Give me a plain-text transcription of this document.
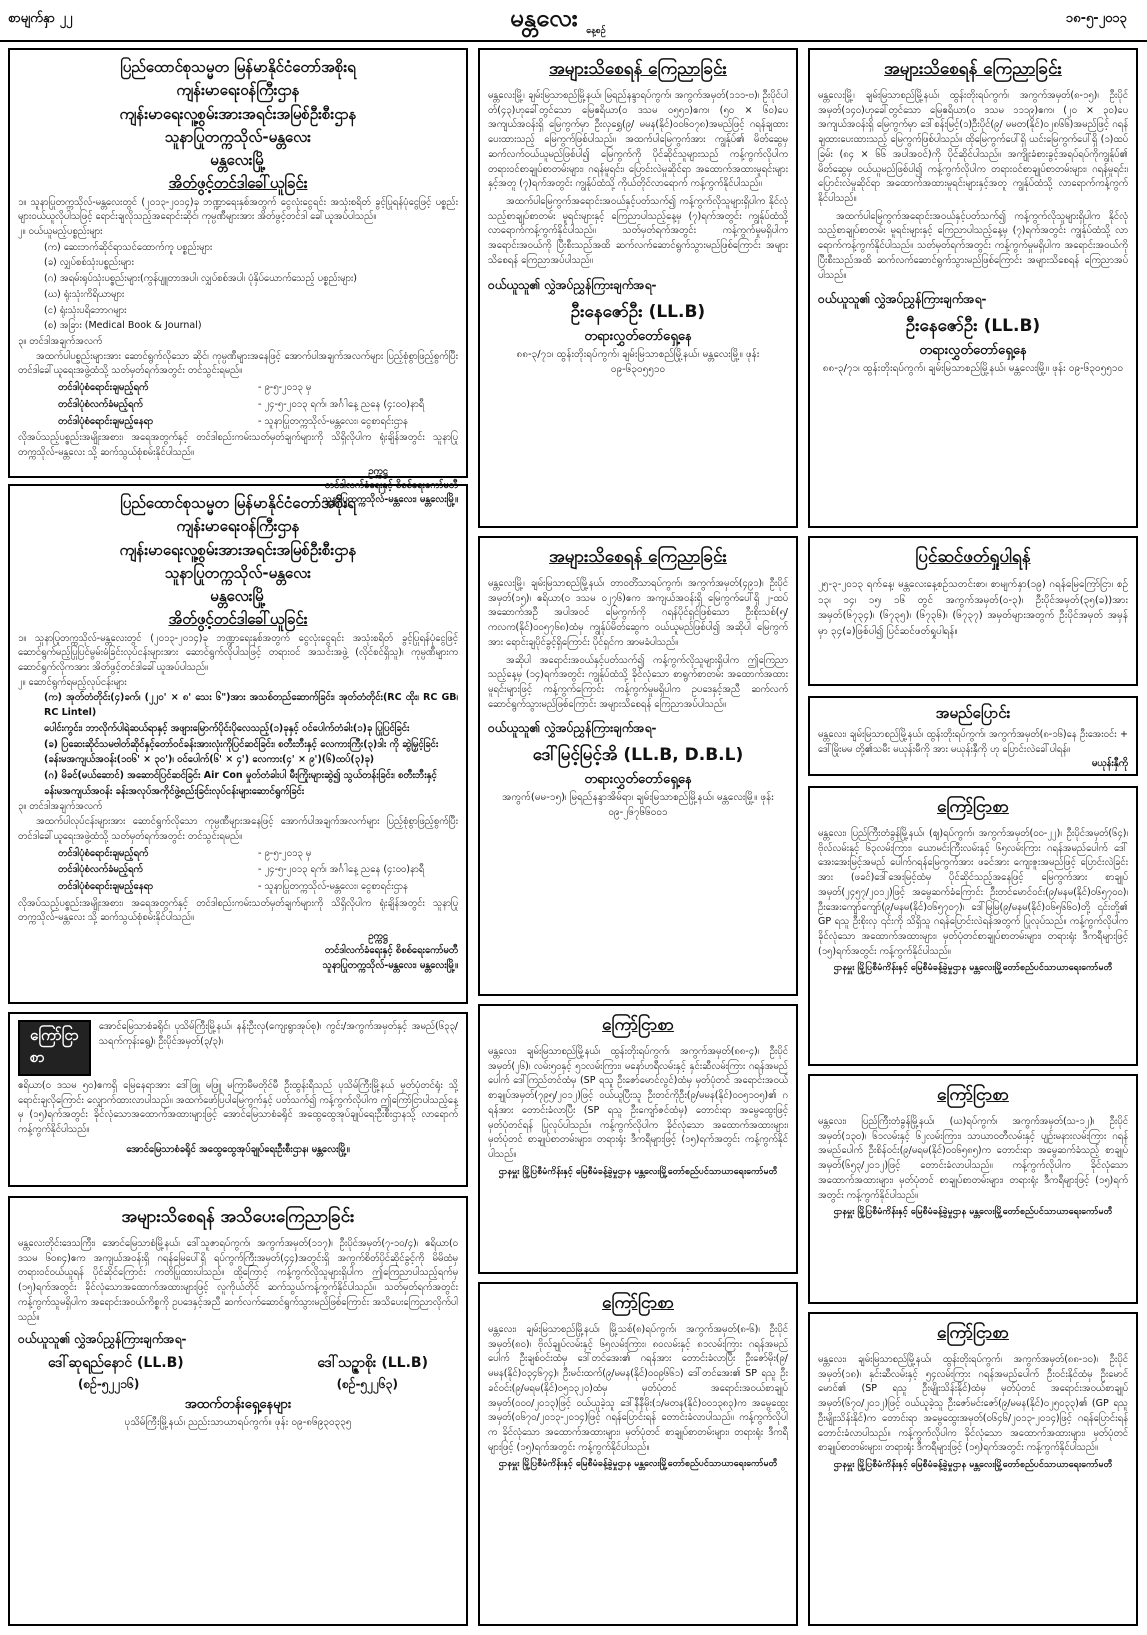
စာမျက်နှာ ၂၂	မန္တလေး နေ့စဉ်
၁၈-၅-၂၀၁၃
ပြည်ထောင်စုသမ္မတ မြန်မာနိုင်ငံတော်အစိုးရ
ကျန်းမာရေးဝန်ကြီးဌာန
ကျန်းမာရေးလူ့စွမ်းအားအရင်းအမြစ်ဦးစီးဌာန
သူနာပြုတက္ကသိုလ်-မန္တလေး
မန္တလေးမြို့
အိတ်ဖွင့်တင်ဒါခေါ်ယူခြင်း
၁။ သူနာပြုတက္ကသိုလ်-မန္တလေးတွင် (၂၀၁၃-၂၀၁၄)ခု ဘဏ္ဍာရေးနှစ်အတွက် ငွေလုံးငွေရင်း အသုံးစရိတ် ခွင့်ပြုရန်ပုံငွေဖြင့် ပစ္စည်းများဝယ်ယူလိုပါသဖြင့် ရောင်းချလိုသည့်အရောင်းဆိုင်၊ ကုမ္ပဏီများအား အိတ်ဖွင့်တင်ဒါ ခေါ်ယူအပ်ပါသည်။
၂။ ဝယ်ယူမည့်ပစ္စည်းများ
(က) ဆေးဘက်ဆိုင်ရာသင်ထောက်ကူ ပစ္စည်းများ
(ခ) လျှပ်စစ်သုံးပစ္စည်းများ
(ဂ) အရမ်းရုပ်သုံးပစ္စည်းများ(ကွန်ပျူတာအပါ၊ လျှပ်စစ်အပါ၊ ပုံနှိပ်ယောက်သေည့် ပစ္စည်းများ)
(ဃ) ရုံးသုံးကိရိယာများ
(င) ရုံးသုံးပရိဘောဂများ
(စ) အခြား (Medical Book & Journal)
၃။ တင်ဒါအချက်အလက်
အထက်ပါပစ္စည်းများအား ဆောင်ရွက်လိုသော ဆိုင်၊ ကုမ္ပဏီများအနေဖြင့် အောက်ပါအချက်အလက်များ ပြည့်စုံစွာဖြည့်စွက်ပြီး တင်ဒါခေါ်ယူရေးအဖွဲ့ထံသို့ သတ်မှတ်ရက်အတွင်း တင်သွင်းရမည်။
တင်ဒါပုံစံရောင်းချမည့်ရက်	- ၉-၅-၂၀၁၃ မှ
တင်ဒါပုံစံလက်ခံမည့်ရက်	- ၂၄-၅-၂၀၁၃ ရက်၊ အင်္ဂါနေ့ ညနေ (၄:၀၀)နာရီ
တင်ဒါပုံစံရောင်းချမည့်နေရာ	- သူနာပြုတက္ကသိုလ်-မန္တလေး၊ ငွေစာရင်းဌာန
လိုအပ်သည့်ပစ္စည်းအမျိုးအစား၊ အရေအတွက်နှင့် တင်ဒါစည်းကမ်းသတ်မှတ်ချက်များကို သိရှိလိုပါက ရုံးချိန်အတွင်း သူနာပြုတက္ကသိုလ်-မန္တလေး သို့ ဆက်သွယ်စုံစမ်းနိုင်ပါသည်။
ဥက္ကဋ္ဌ
တင်ဒါလက်ခံရေးနှင့် စိစစ်ရေးကော်မတီ
သူနာပြုတက္ကသိုလ်-မန္တလေး၊ မန္တလေးမြို့။
ပြည်ထောင်စုသမ္မတ မြန်မာနိုင်ငံတော်အစိုးရ
ကျန်းမာရေးဝန်ကြီးဌာန
ကျန်းမာရေးလူ့စွမ်းအားအရင်းအမြစ်ဦးစီးဌာန
သူနာပြုတက္ကသိုလ်-မန္တလေး
မန္တလေးမြို့
အိတ်ဖွင့်တင်ဒါခေါ်ယူခြင်း
၁။ သူနာပြုတက္ကသိုလ်-မန္တလေးတွင် (၂၀၁၃-၂၀၁၄)ခု ဘဏ္ဍာရေးနှစ်အတွက် ငွေလုံးငွေရင်း အသုံးစရိတ် ခွင့်ပြုရန်ပုံငွေဖြင့် ဆောင်ရွက်မည့်ပြုပြင်မွမ်းမံခြင်းလုပ်ငန်းများအား ဆောင်ရွက်လိုပါသဖြင့် တရားဝင် အသင်းအဖွဲ့ (လိုင်စင်ရှိသူ)၊ ကုမ္ပဏီများကဆောင်ရွက်လိုကအား အိတ်ဖွင့်တင်ဒါခေါ်ယူအပ်ပါသည်။
၂။ ဆောင်ရွက်ရမည့်လုပ်ငန်းများ
(က) အုတ်တံတိုင်း(၄)ခက်၊ (၂၂၀' × ၈' သေး ၆")အား အသစ်တည်ဆောက်ခြင်း၊ အုတ်တံတိုင်း(RC ထိုး၊ RC GB၊ RC Lintel)
ပေါင်းကွင်း၊ ဘာလိုက်ပါရဲဆယ်ရာနှင့် အဖျားမြောက်ပိုင်းပိုလေသည့်(၁)ခုနှင့် ဝင်ပေါက်တံခါး(၁)ခု ပြုပြင်ခြင်း
(ခ) ပြဆေးဆိုင်သမဗါတ်ဆိုင်နှင့်တော်ဝင်ခန်းအားလုံးကိုပြင်ဆင်ခြင်း၊ စတီးဘီးနှင့် လေကားကြီး(၃)ဒါး ကို ဆွဲမြှင့်ခြင်း
(ခန်းမအကျယ်အဝန်း(၁၀၆' × ၃၀')၊ ဝင်ပေါက်(၆' × ၄') လေကား(၄' × ၉')(၆)ထပ်(၃)ခု)
(ဂ) မိခင်(မယ်ဆောင်) အဆောင်ပြင်ဆင်ခြင်း Air Con မှုတ်တံခါးပါ မီးကြိုးများဆွဲ၍ သွယ်တန်းခြင်း၊ စတီးဘီးနှင့်
ခန်းမအကျယ်အဝန်း ခန်းအလုပ်အကိုင်ဖွဲ့စည်းခြင်းလုပ်ငန်းများဆောင်ရွက်ခြင်း
၃။ တင်ဒါအချက်အလက်
အထက်ပါလုပ်ငန်းများအား ဆောင်ရွက်လိုသော ကုမ္ပဏီများအနေဖြင့် အောက်ပါအချက်အလက်များ ပြည့်စုံစွာဖြည့်စွက်ပြီး တင်ဒါခေါ်ယူရေးအဖွဲ့ထံသို့ သတ်မှတ်ရက်အတွင်း တင်သွင်းရမည်။
တင်ဒါပုံစံရောင်းချမည့်ရက်	- ၉-၅-၂၀၁၃ မှ
တင်ဒါပုံစံလက်ခံမည့်ရက်	- ၂၄-၅-၂၀၁၃ ရက်၊ အင်္ဂါနေ့ ညနေ (၄:၀၀)နာရီ
တင်ဒါပုံစံရောင်းချမည့်နေရာ	- သူနာပြုတက္ကသိုလ်-မန္တလေး၊ ငွေစာရင်းဌာန
လိုအပ်သည့်ပစ္စည်းအမျိုးအစား၊ အရေအတွက်နှင့် တင်ဒါစည်းကမ်းသတ်မှတ်ချက်များကို သိရှိလိုပါက ရုံးချိန်အတွင်း သူနာပြုတက္ကသိုလ်-မန္တလေး သို့ ဆက်သွယ်စုံစမ်းနိုင်ပါသည်။
ဥက္ကဋ္ဌ
တင်ဒါလက်ခံရေးနှင့် စိစစ်ရေးကော်မတီ
သူနာပြုတက္ကသိုလ်-မန္တလေး၊ မန္တလေးမြို့။
ကြော်ငြာစာ
အောင်မြေသာစံခရိုင်၊ ပုသိမ်ကြီးမြို့နယ်၊ နန်းဦးလှ(ကျေးရွာအုပ်စု)၊ ကွင်း/အကွက်အမှတ်နှင့် အမည်(၆၃၃/သရက်ကုန်းရွေ့)၊ ဦးပိုင်အမှတ်(၃/၃)၊
ဧရိယာ(၀ ဒသမ ၅၀)ဧကရှိ မြေနေရာအား ဒေါ်ဖြူ မဖြူ မကြာမီမတိုင်မီ ဦးထွန်းရီသည် ပုသိမ်ကြီးမြို့နယ် မှတ်ပုံတင်ရုံး သို့ ရောင်းချလိုကြောင်း လျှောက်ထားလာပါသည်။ အထက်ဖော်ပြပါမြေကွက်နှင့် ပတ်သက်၍ ကန့်ကွက်လိုပါက ဤကြော်ငြာပါသည့်နေ့မှ (၁၅)ရက်အတွင်း ခိုင်လုံသောအထောက်အထားများဖြင့် အောင်မြေသာစံခရိုင် အထွေထွေအုပ်ချုပ်ရေးဦးစီးဌာနသို့ လာရောက်ကန့်ကွက်နိုင်ပါသည်။
အောင်မြေသာစံခရိုင် အထွေထွေအုပ်ချုပ်ရေးဦးစီးဌာန၊ မန္တလေးမြို့။
အများသိစေရန် အသိပေးကြေညာခြင်း
မန္တလေးတိုင်းဒေသကြီး၊ အောင်မြေသာစံမြို့နယ်၊ ဒေါ်သူဇာရပ်ကွက်၊ အကွက်အမှတ်(၁၁၇)၊ ဦးပိုင်အမှတ်(၇-၁၀/၄)၊ ဧရိယာ(၀ ဒသမ ၆၀၈၄)ဧက အကျယ်အဝန်းရှိ ဂရန်မြေပေါ်ရှိ ရပ်ကွက်ကြီးအမှတ်(၄၄)အတွင်းရှိ အကွက်စိတ်ပိုင်ဆိုင်ခွင့်ကို မိမိထံမှ တရားဝင်ဝယ်ယူရန် ပိုင်ဆိုင်ကြောင်း ကတိပြုထားပါသည်။ ထို့ကြောင့် ကန့်ကွက်လိုသူများရှိပါက ဤကြေညာပါသည့်ရက်မှ (၁၅)ရက်အတွင်း ခိုင်လုံသောအထောက်အထားများဖြင့် လူကိုယ်တိုင် ဆက်သွယ်ကန့်ကွက်နိုင်ပါသည်။ သတ်မှတ်ရက်အတွင်း ကန့်ကွက်သူမရှိပါက အရောင်းအဝယ်ကိစ္စကို ဥပဒေနှင့်အညီ ဆက်လက်ဆောင်ရွက်သွားမည်ဖြစ်ကြောင်း အသိပေးကြေညာလိုက်ပါသည်။
ဝယ်ယူသူ၏ လွှဲအပ်ညွှန်ကြားချက်အရ-
ဒေါ်ဆုရည်နောင် (LL.B)	ဒေါ်သဉ္ဇာစိုး (LL.B)
(စဉ်-၅၂၂၁၆)	(စဉ်-၅၂၂၆၃)
အထက်တန်းရှေ့နေများ
ပုသိမ်ကြီးမြို့နယ်၊ ညည်းသာယာရပ်ကွက်။ ဖုန်း ၀၉-၈၆၉၃၀၃၃၅
အများသိစေရန် ကြေညာခြင်း
မန္တလေးမြို့၊ ချမ်းမြသာစည်မြို့နယ်၊ မြရည်နန္ဒာရပ်ကွက်၊ အကွက်အမှတ်(၁၁၁-ဗ)၊ ဦးပိုင်ပါတ်(၄၃)ဟုခေါ်တွင်သော မြေဧရိယာ(၀ ဒသမ ၀၅၅၁)ဧက၊ (၅၀ × ၆၀)ပေ အကျယ်အဝန်းရှိ မြေကွက်မှာ ဦးလှရွှေ(၉/ မမန(နိုင်)၀၀၆၀၇၈)အမည်ဖြင့် ဂရန်ချထားပေးထားသည့် မြေကွက်ဖြစ်ပါသည်။ အထက်ပါမြေကွက်အား ကျွန်ုပ်၏ မိတ်ဆွေမှ ဆက်လက်ဝယ်ယူမည်ဖြစ်ပါ၍ မြေကွက်ကို ပိုင်ဆိုင်သူများသည် ကန့်ကွက်လိုပါက တရားဝင်စာချုပ်စာတမ်းများ၊ ဂရန်မူရင်း၊ ပြောင်းလဲမှုဆိုင်ရာ အထောက်အထားမူရင်းများနှင့်အတူ (၇)ရက်အတွင်း ကျွန်ုပ်ထံသို့ ကိုယ်တိုင်လာရောက် ကန့်ကွက်နိုင်ပါသည်။
အထက်ပါမြေကွက်အရောင်းအဝယ်နှင့်ပတ်သက်၍ ကန့်ကွက်လိုသူများရှိပါက နိုင်လုံသည့်စာချုပ်စာတမ်း မူရင်းများနှင့် ကြေညာပါသည့်နေ့မှ (၇)ရက်အတွင်း ကျွန်ုပ်ထံသို့ လာရောက်ကန့်ကွက်နိုင်ပါသည်။ သတ်မှတ်ရက်အတွင်း ကန့်ကွက်မှုမရှိပါက အရောင်းအဝယ်ကို ပြီးစီးသည်အထိ ဆက်လက်ဆောင်ရွက်သွားမည်ဖြစ်ကြောင်း အများသိစေရန် ကြေညာအပ်ပါသည်။
ဝယ်ယူသူ၏ လွှဲအပ်ညွှန်ကြားချက်အရ-
ဦးနေဇော်ဦး (LL.B)
တရားလွှတ်တော်ရှေ့နေ
၈၈-၃/၇၁၊ ထွန်းတိုးရပ်ကွက်၊ ချမ်းမြသာစည်မြို့နယ်၊ မန္တလေးမြို့။ ဖုန်း ၀၉-၆၃၀၅၅၁၀
အများသိစေရန် ကြေညာခြင်း
မန္တလေးမြို့၊ ချမ်းမြသာစည်မြို့နယ်၊ ထွန်းတိုးရပ်ကွက်၊ အကွက်အမှတ်(၈-၁၅)၊ ဦးပိုင်အမှတ်(၁၄၀)ဟုခေါ်တွင်သော မြေဧရိယာ(၀ ဒသမ ၁၁၁၉)ဧက၊ (၂၀ × ၃၀)ပေ အကျယ်အဝန်းရှိ မြေကွက်မှာ ဒေါ်စန်းမြင့်(၁)ဦးပိုင်(၉/ မမတ(နိုင်)၀၂၈၆၆)အမည်ဖြင့် ဂရန်ချထားပေးထားသည့် မြေကွက်ဖြစ်ပါသည်။ ထိုမြေကွက်ပေါ်ရှိ ယင်းမြေကွက်ပေါ်ရှိ (၁)ထပ်ခြမ်း (၈၄ × ၆၆ အပါအဝင်)ကို ပိုင်ဆိုင်ပါသည်။ အကျိုးခံစားခွင့်အရပ်ရပ်ကိုကျွန်ုပ်၏ မိတ်ဆွေမှ ဝယ်ယူမည်ဖြစ်ပါ၍ ကန့်ကွက်လိုပါက တရားဝင်စာချုပ်စာတမ်းများ၊ ဂရန်မူရင်း၊ ပြောင်းလဲမှုဆိုင်ရာ အထောက်အထားမူရင်းများနှင့်အတူ ကျွန်ုပ်ထံသို့ လာရောက်ကန့်ကွက်နိုင်ပါသည်။
အထက်ပါမြေကွက်အရောင်းအဝယ်နှင့်ပတ်သက်၍ ကန့်ကွက်လိုသူများရှိပါက နိုင်လုံသည့်စာချုပ်စာတမ်း မူရင်းများနှင့် ကြေညာပါသည့်နေ့မှ (၇)ရက်အတွင်း ကျွန်ုပ်ထံသို့ လာရောက်ကန့်ကွက်နိုင်ပါသည်။ သတ်မှတ်ရက်အတွင်း ကန့်ကွက်မှုမရှိပါက အရောင်းအဝယ်ကို ပြီးစီးသည်အထိ ဆက်လက်ဆောင်ရွက်သွားမည်ဖြစ်ကြောင်း အများသိစေရန် ကြေညာအပ်ပါသည်။
ဝယ်ယူသူ၏ လွှဲအပ်ညွှန်ကြားချက်အရ-
ဦးနေဇော်ဦး (LL.B)
တရားလွှတ်တော်ရှေ့နေ
၈၈-၃/၇၁၊ ထွန်းတိုးရပ်ကွက်၊ ချမ်းမြသာစည်မြို့နယ်၊ မန္တလေးမြို့။ ဖုန်း ၀၉-၆၃၀၅၅၁၀
အများသိစေရန် ကြေညာခြင်း
မန္တလေးမြို့၊ ချမ်းမြသာစည်မြို့နယ်၊ တာဝတိံသာရပ်ကွက်၊ အကွက်အမှတ်(၄၉၁)၊ ဦးပိုင်အမှတ်(၁၅)၊ ဧရိယာ(၀ ဒသမ ၀၂၇၆)ဧက အကျယ်အဝန်းရှိ မြေကွက်ပေါ်ရှိ ၂-ထပ် အဆောက်အဦ အပါအဝင် မြေကွက်ကို ဂရန်ပိုင်ရှင်ဖြစ်သော ဦးစိုးသစ်(၅/ကလက(နိုင်)၀၀၅၇၆၈)ထံမှ ကျွန်ုပ်မိတ်ဆွေက ဝယ်ယူမည်ဖြစ်ပါ၍ အဆိုပါ မြေကွက်အား ရောင်းချပိုင်ခွင့်ရှိကြောင်း ပိုင်ရှင်က အာမခံပါသည်။
အဆိုပါ အရောင်းအဝယ်နှင့်ပတ်သက်၍ ကန့်ကွက်လိုသူများရှိပါက ဤကြေညာသည့်နေ့မှ (၁၄)ရက်အတွင်း ကျွန်ုပ်ထံသို့ ခိုင်လုံသော စာရွက်စာတမ်း အထောက်အထားမူရင်းများဖြင့် ကန့်ကွက်ကြောင်း ကန့်ကွက်မှုမရှိပါက ဥပဒေနှင့်အညီ ဆက်လက်ဆောင်ရွက်သွားမည်ဖြစ်ကြောင်း အများသိစေရန် ကြေညာအပ်ပါသည်။
ဝယ်ယူသူ၏ လွှဲအပ်ညွှန်ကြားချက်အရ-
ဒေါ်မြင့်မြင့်အိ (LL.B, D.B.L)
တရားလွှတ်တော်ရှေ့နေ
အကွက်(မမ-၁၅)၊ မြရည်နန္ဒာအိမ်ရာ၊ ချမ်းမြသာစည်မြို့နယ်၊ မန္တလေးမြို့။ ဖုန်း ၀၉-၂၆၇၆၆၀၀၁
ပြင်ဆင်ဖတ်ရှုပါရန်
၂၅-၃-၂၀၁၃ ရက်နေ့၊ မန္တလေးနေ့စဉ်သတင်းစာ၊ စာမျက်နှာ(၁၉) ဂရန်မြေကြော်ငြာ၊ စဉ် ၁၃၊ ၁၄၊ ၁၅၊ ၁၆ တွင် အကွက်အမှတ်(၀-၃)၊ ဦးပိုင်အမှတ်(၃၅(ခ))အား အမှတ်(၆၇၃၄)၊ (၆၇၃၅)၊ (၆၇၃၆)၊ (၆၇၃၇) အမှတ်များအတွက် ဦးပိုင်အမှတ် အမှန်မှာ ၃၄(ခ)ဖြစ်ပါ၍ ပြင်ဆင်ဖတ်ရှုပါရန်။
အမည်ပြောင်း
မန္တလေး၊ ချမ်းမြသာစည်မြို့နယ်၊ ထွန်းတိုးရပ်ကွက်၊ အကွက်အမှတ်(၈-၁၆)နေ ဦးအေးဝင်း + ဒေါ်မြိုးမမ တို့၏သမီး မယုန်းမီကို အား မယုန်းနှီကို ဟု ပြောင်းလဲခေါ်ပါရန်။
မယုန်းနှီကို
ကြော်ငြာစာ
မန္တလေး၊ ပြည်ကြီးတံခွန်မြို့နယ်၊ (ဈ)ရပ်ကွက်၊ အကွက်အမှတ်(၀၀-၂၂)၊ ဦးပိုင်အမှတ်(၆၄)၊ ဗိုလ်လမ်းနှင့် ၆၃လမ်းကြား၊ ယောမင်းကြီးလမ်းနှင့် ၆၅လမ်းကြား ဂရန်အမည်ပေါက် ဒေါ်အေးအေးမြင့်အမည် ပေါက်ဂရန်မြေကွက်အား ဖခင်အား ကျေးဇူးအမည်ဖြင့် ပြောင်းလဲခြင်းအား (ဖခင်)ဒေါ်အေးမြင့်ထံမှ ပိုင်ဆိုင်သည့်အနေဖြင့် မြေကွက်အား စာချုပ်အမှတ်(၂၄၅၇/၂၀၁၂)ဖြင့် အမွေဆက်ခံကြောင်း ဦးတင်မောင်ဝင်း(၉/မနမ(နိုင်)၀၆၅၇၀၀)၊ ဦးအေးကျော်ကျော်(၉/မနမ(နိုင်)၀၆၅၇၀၇)၊ ဒေါ်မြမြ(၉/မနမ(နိုင်)၀၆၅၆၆၀)တို့ ၎င်းတို့၏ GP ရသူ ဦးစိုးလှ ၎င်းကို သိရှိသူ ဂရန်ပြောင်းလဲရန်အတွက် ပြုလုပ်သည်။ ကန့်ကွက်လိုပါက ခိုင်လုံသော အထောက်အထားများ၊ မှတ်ပုံတင်စာချုပ်စာတမ်းများ၊ တရားရုံး ဒီကရီများဖြင့် (၁၅)ရက်အတွင်း ကန့်ကွက်နိုင်ပါသည်။
ဌာနမှူး မြို့ပြစီမံကိန်းနှင့် မြေစီမံခန့်ခွဲမှုဌာန မန္တလေးမြို့တော်စည်ပင်သာယာရေးကော်မတီ
ကြော်ငြာစာ
မန္တလေး၊ ချမ်းမြသာစည်မြို့နယ်၊ ထွန်းတိုးရပ်ကွက်၊ အကွက်အမှတ်(၈၈-၄)၊ ဦးပိုင်အမှတ်(၂၆)၊ လမ်း၅၀နှင့် ၅၁လမ်းကြား၊ မနော်ဟရီလမ်းနှင့် နှင်းဆီလမ်းကြား ဂရန်အမည်ပေါက် ဒေါ်ကြည်တင်ထံမှ (SP ရသူ ဦးဇော်မောင်လွင်)ထံမှ မှတ်ပုံတင် အရောင်းအဝယ်စာချုပ်အမှတ်(၇၉၅/၂၀၁၂)ဖြင့် ဝယ်ယူပြီးသူ ဦးတင်ကိုဦး(၉/မမန(နိုင်)၀၀၅၁၀၅)၏ ဂရန်အား တောင်းခံလာပြီး (SP ရသူ ဦးကျော်ဇင်ထံမှ) တောင်းရာ အမွေထွေးဖြင့် မှတ်ပုံတင်ရန် ပြုလုပ်ပါသည်။ ကန့်ကွက်လိုပါက ခိုင်လုံသော အထောက်အထားများ၊ မှတ်ပုံတင် စာချုပ်စာတမ်းများ၊ တရားရုံး ဒီကရီများဖြင့် (၁၅)ရက်အတွင်း ကန့်ကွက်နိုင်ပါသည်။
ဌာနမှူး မြို့ပြစီမံကိန်းနှင့် မြေစီမံခန့်ခွဲမှုဌာန မန္တလေးမြို့တော်စည်ပင်သာယာရေးကော်မတီ
ကြော်ငြာစာ
မန္တလေး၊ ပြည်ကြီးတံခွန်မြို့နယ်၊ (ဃ)ရပ်ကွက်၊ အကွက်အမှတ်(သ-၁၂)၊ ဦးပိုင်အမှတ်(၁၃၀)၊ ၆၁လမ်းနှင့် ၆၂လမ်းကြား၊ သာယာဝတီလမ်းနှင့် ပျဉ်းမနားလမ်းကြား ဂရန်အမည်ပေါက် ဦးစိန်ဝင်း(၉/မရမ(နိုင်)၀၀၆၅၈၅)က တောင်းရာ အမွေဆက်ခံသည့် စာချုပ်အမှတ်(၆၅၃/၂၀၁၂)ဖြင့် တောင်းခံလာပါသည်။ ကန့်ကွက်လိုပါက ခိုင်လုံသော အထောက်အထားများ၊ မှတ်ပုံတင် စာချုပ်စာတမ်းများ၊ တရားရုံး ဒီကရီများဖြင့် (၁၅)ရက်အတွင်း ကန့်ကွက်နိုင်ပါသည်။
ဌာနမှူး မြို့ပြစီမံကိန်းနှင့် မြေစီမံခန့်ခွဲမှုဌာန မန္တလေးမြို့တော်စည်ပင်သာယာရေးကော်မတီ
ကြော်ငြာစာ
မန္တလေး၊ ချမ်းမြသာစည်မြို့နယ်၊ မြို့သစ်(၈)ရပ်ကွက်၊ အကွက်အမှတ်(၈-၆)၊ ဦးပိုင်အမှတ်(၈၀)၊ ဗိုလ်ချုပ်လမ်းနှင့် ၆၅လမ်းကြား၊ ၈၀လမ်းနှင့် ၈၁လမ်းကြား ဂရန်အမည်ပေါက် ဦးချစ်ဝင်းထံမှ ဒေါ်တင်အေး၏ ဂရန်အား တောင်းခံလာပြီး ဦးဇော်မိုး(၉/မမန(နိုင်)၀၃၄၆၇၄)၊ ဦးမင်းထက်(၉/မမန(နိုင်)၀၀၉၆၆၁) ဒေါ်တင်အေး၏ SP ရသူ ဦးခင်ဝင်း(၉/မရမ(နိုင်)၀၅၁၃၂၀)ထံမှ မှတ်ပုံတင် အရောင်းအဝယ်စာချုပ်အမှတ်(၀၀၀/၂၀၁၃)ဖြင့် ဝယ်ယူခဲ့သူ ဒေါ်နီနီမိုး(၁/မတန(နိုင်)၀၀၁၃၈၃)က အမွေထွေးအမှတ်(၀၆၇၀/၂၀၁၃-၂၀၁၄)ဖြင့် ဂရန်ပြောင်းရန် တောင်းခံလာပါသည်။ ကန့်ကွက်လိုပါက ခိုင်လုံသော အထောက်အထားများ၊ မှတ်ပုံတင် စာချုပ်စာတမ်းများ၊ တရားရုံး ဒီကရီများဖြင့် (၁၅)ရက်အတွင်း ကန့်ကွက်နိုင်ပါသည်။
ဌာနမှူး မြို့ပြစီမံကိန်းနှင့် မြေစီမံခန့်ခွဲမှုဌာန မန္တလေးမြို့တော်စည်ပင်သာယာရေးကော်မတီ
ကြော်ငြာစာ
မန္တလေး၊ ချမ်းမြသာစည်မြို့နယ်၊ ထွန်းတိုးရပ်ကွက်၊ အကွက်အမှတ်(၈၈-၁၀)၊ ဦးပိုင်အမှတ်(၁၈)၊ နှင်းဆီလမ်းနှင့် ၅၄လမ်းကြား ဂရန်အမည်ပေါက် ဦးဝင်းနိုင်ထံမှ ဦးမောင်မောင်၏ (SP ရသူ ဦးမျိုးသိန်းနိုင်)ထံမှ မှတ်ပုံတင် အရောင်းအဝယ်စာချုပ်အမှတ်(၆၇၀/၂၀၁၂)ဖြင့် ဝယ်ယူခဲ့သူ ဦးဇော်မင်းဇော်(၉/မမန(နိုင်)၀၂၅၀၃၃)၏ (GP ရသူ ဦးမျိုးသိန်းနိုင်)က တောင်းရာ အမွေထွေးအမှတ်(၀၆၄၆/၂၀၁၃-၂၀၁၄)ဖြင့် ဂရန်ပြောင်းရန် တောင်းခံလာပါသည်။ ကန့်ကွက်လိုပါက ခိုင်လုံသော အထောက်အထားများ၊ မှတ်ပုံတင် စာချုပ်စာတမ်းများ၊ တရားရုံး ဒီကရီများဖြင့် (၁၅)ရက်အတွင်း ကန့်ကွက်နိုင်ပါသည်။
ဌာနမှူး မြို့ပြစီမံကိန်းနှင့် မြေစီမံခန့်ခွဲမှုဌာန မန္တလေးမြို့တော်စည်ပင်သာယာရေးကော်မတီ
